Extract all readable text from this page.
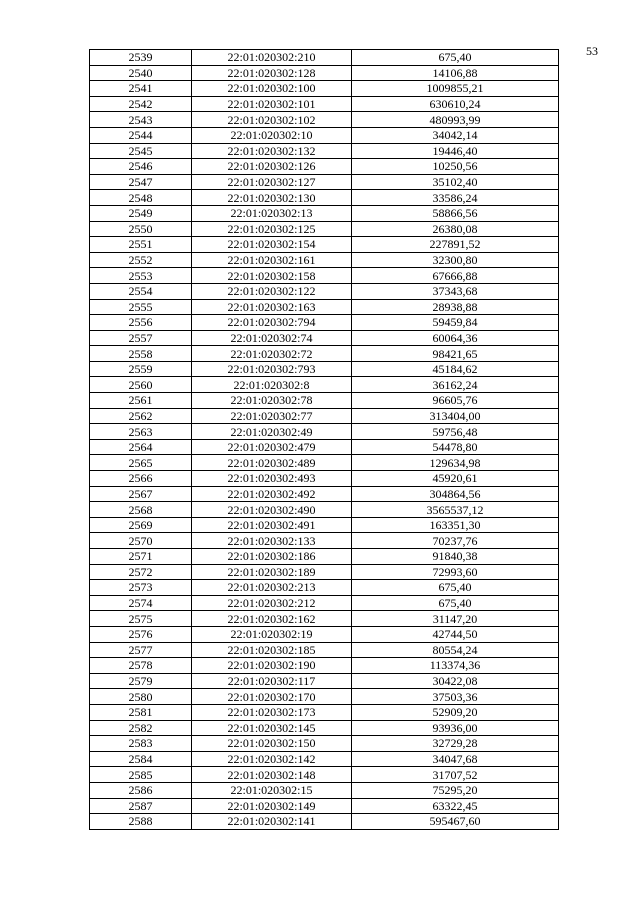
53
2539	22:01:020302:210	675,40
2540	22:01:020302:128	14106,88
2541	22:01:020302:100	1009855,21
2542	22:01:020302:101	630610,24
2543	22:01:020302:102	480993,99
2544	22:01:020302:10	34042,14
2545	22:01:020302:132	19446,40
2546	22:01:020302:126	10250,56
2547	22:01:020302:127	35102,40
2548	22:01:020302:130	33586,24
2549	22:01:020302:13	58866,56
2550	22:01:020302:125	26380,08
2551	22:01:020302:154	227891,52
2552	22:01:020302:161	32300,80
2553	22:01:020302:158	67666,88
2554	22:01:020302:122	37343,68
2555	22:01:020302:163	28938,88
2556	22:01:020302:794	59459,84
2557	22:01:020302:74	60064,36
2558	22:01:020302:72	98421,65
2559	22:01:020302:793	45184,62
2560	22:01:020302:8	36162,24
2561	22:01:020302:78	96605,76
2562	22:01:020302:77	313404,00
2563	22:01:020302:49	59756,48
2564	22:01:020302:479	54478,80
2565	22:01:020302:489	129634,98
2566	22:01:020302:493	45920,61
2567	22:01:020302:492	304864,56
2568	22:01:020302:490	3565537,12
2569	22:01:020302:491	163351,30
2570	22:01:020302:133	70237,76
2571	22:01:020302:186	91840,38
2572	22:01:020302:189	72993,60
2573	22:01:020302:213	675,40
2574	22:01:020302:212	675,40
2575	22:01:020302:162	31147,20
2576	22:01:020302:19	42744,50
2577	22:01:020302:185	80554,24
2578	22:01:020302:190	113374,36
2579	22:01:020302:117	30422,08
2580	22:01:020302:170	37503,36
2581	22:01:020302:173	52909,20
2582	22:01:020302:145	93936,00
2583	22:01:020302:150	32729,28
2584	22:01:020302:142	34047,68
2585	22:01:020302:148	31707,52
2586	22:01:020302:15	75295,20
2587	22:01:020302:149	63322,45
2588	22:01:020302:141	595467,60
